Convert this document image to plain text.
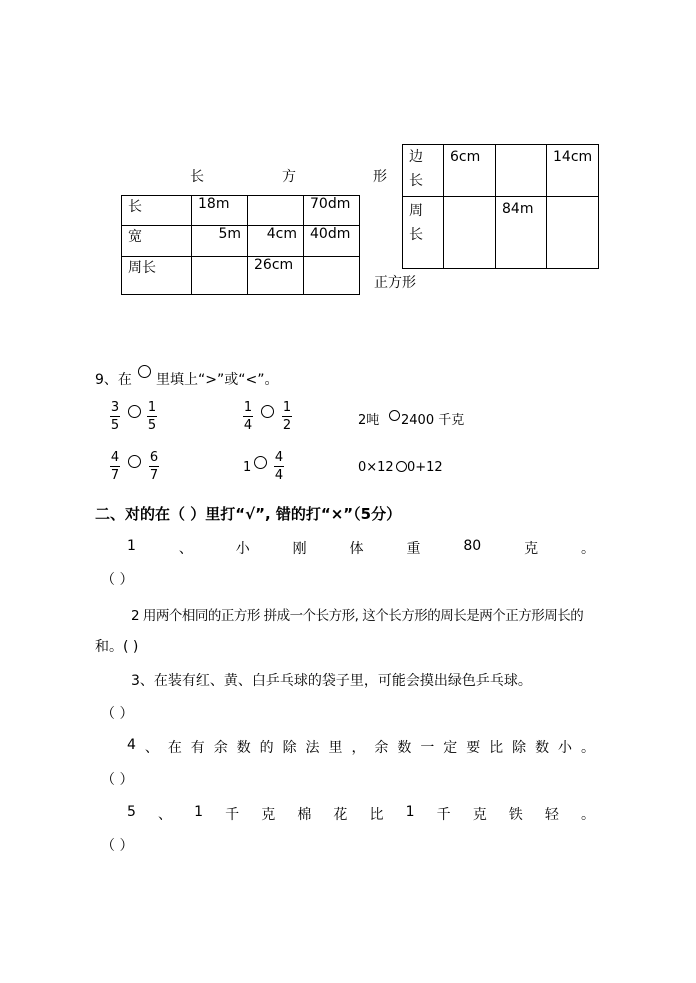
长	方	形
长	18m		70dm
宽	5m	4cm	40dm
周长		26cm	
边
长	6cm		14cm

周
长		84m	
正方形
9、在 里填上“>”或“<”。
3
5
1
5
1
4
1
2	2吨 2400 千克
4
7
6
7
1
4
4
0×12 0+12
二、对的在（ ）里打“√”, 错的打“×”（5分）
1	、	小	刚	体	重	80	克	。
（ ）
2 用两个相同的正方形 拼成一个长方形, 这个长方形的周长是两个正方形周长的
和。( )
3、在装有红、黄、白乒乓球的袋子里，可能会摸出绿色乒乓球。
（ ）
4 、 在 有 余 数 的 除 法 里 ， 余 数 一 定 要 比 除 数 小 。
（ ）
5 、 1 千 克 棉 花 比 1 千 克 铁 轻 。
（ ）
